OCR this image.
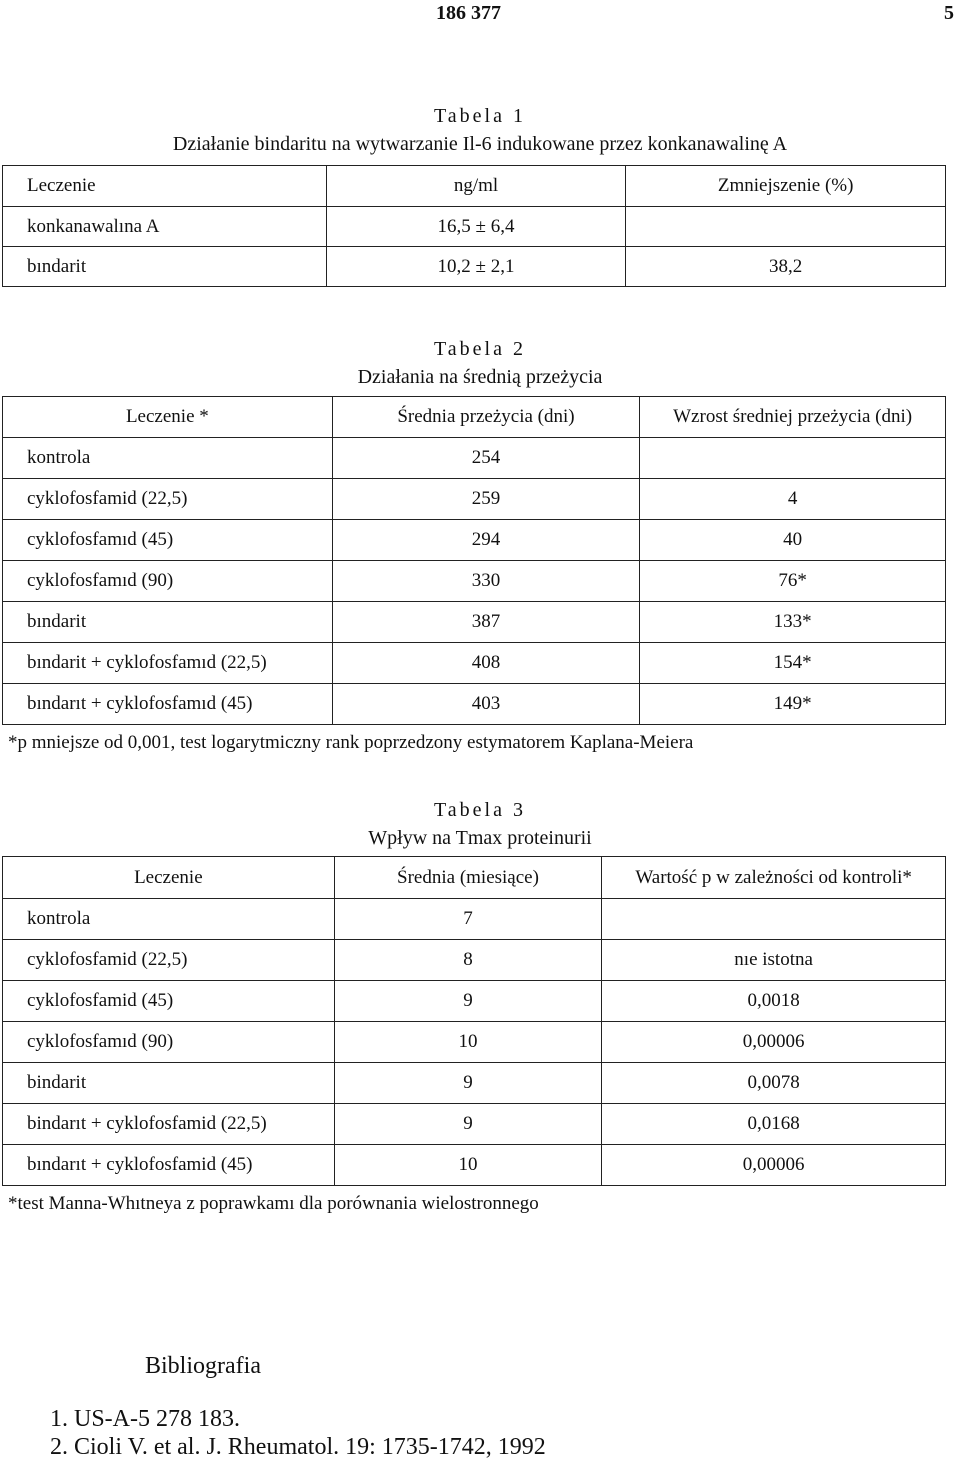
186 377	5
Tabela 1
Działanie bindaritu na wytwarzanie Il-6 indukowane przez konkanawalinę A
Leczenie	ng/ml	Zmniejszenie (%)
konkanawalına A	16,5 ± 6,4	
bındarit	10,2 ± 2,1	38,2
Tabela 2
Działania na średnią przeżycia
Leczenie *	Średnia przeżycia (dni)	Wzrost średniej przeżycia (dni)
kontrola	254	
cyklofosfamid (22,5)	259	4
cyklofosfamıd (45)	294	40
cyklofosfamıd (90)	330	76*
bındarit	387	133*
bındarit + cyklofosfamıd (22,5)	408	154*
bındarıt + cyklofosfamıd (45)	403	149*
*p mniejsze od 0,001, test logarytmiczny rank poprzedzony estymatorem Kaplana-Meiera
Tabela 3
Wpływ na Tmax proteinurii
Leczenie	Średnia (miesiące)	Wartość p w zależności od kontroli*
kontrola	7	
cyklofosfamid (22,5)	8	nıe istotna
cyklofosfamid (45)	9	0,0018
cyklofosfamıd (90)	10	0,00006
bindarit	9	0,0078
bindarıt + cyklofosfamid (22,5)	9	0,0168
bındarıt + cyklofosfamid (45)	10	0,00006
*test Manna-Whıtneya z poprawkamı dla porównania wielostronnego
Bibliografia
1. US-A-5 278 183.
2. Cioli V. et al. J. Rheumatol. 19: 1735-1742, 1992
